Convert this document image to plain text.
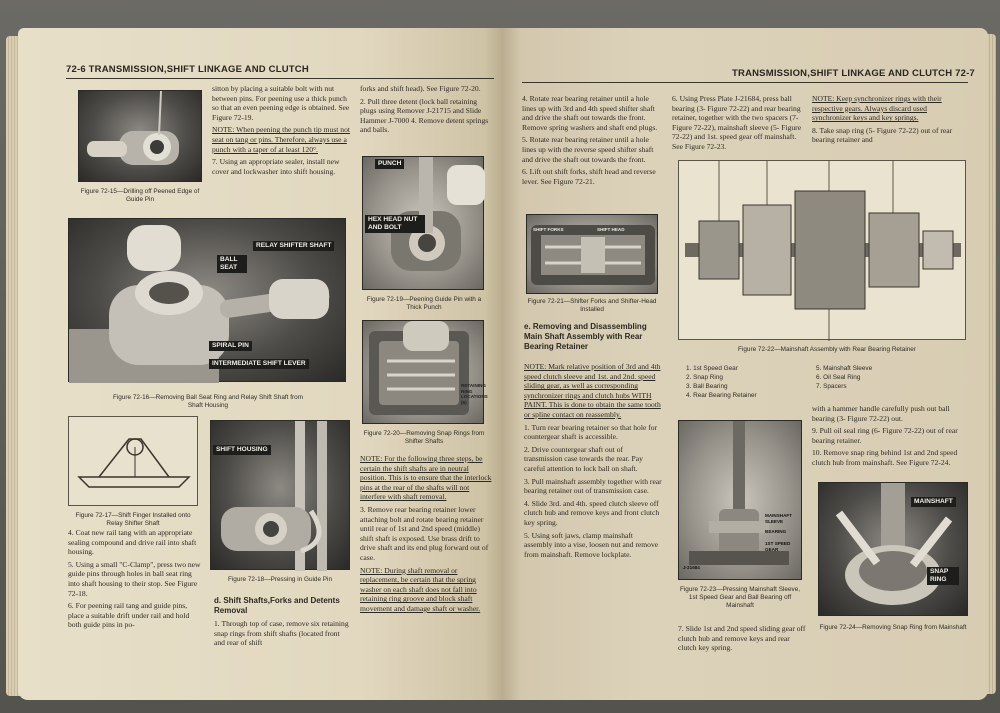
72-6 TRANSMISSION,SHIFT LINKAGE AND CLUTCH
Figure 72-15—Drilling off Peened Edge of Guide Pin

sitton by placing a suitable bolt with nut between pins. For peening use a thick punch so that an even peening edge is obtained. See Figure 72-19.

NOTE: When peening the punch tip must not seat on tang or pins. Therefore, always use a punch with a taper of at least 120°.

7. Using an appropriate sealer, install new cover and lockwasher into shift housing.

forks and shift head). See Figure 72-20.

2. Pull three detent (lock ball retaining plugs using Remover J-21715 and Slide Hammer J-7000 4. Remove detent springs and balls.

PUNCH
HEX HEAD NUT AND BOLT
Figure 72-19—Peening Guide Pin with a Thick Punch
BALL SEAT
RELAY SHIFTER SHAFT
SPIRAL PIN
INTERMEDIATE SHIFT LEVER
Figure 72-16—Removing Ball Seat Ring and Relay Shift Shaft from Shaft Housing
RETAINING RING LOCATIONS (6)
Figure 72-20—Removing Snap Rings from Shifter Shafts
Figure 72-17—Shift Finger Installed onto Relay Shifter Shaft
SHIFT HOUSING
Figure 72-18—Pressing in Guide Pin

NOTE: For the following three steps, be certain the shift shafts are in neutral position. This is to ensure that the interlock pins at the rear of the shafts will not interfere with shaft removal.

3. Remove rear bearing retainer lower attaching bolt and rotate bearing retainer until rear of 1st and 2nd speed (middle) shift shaft is exposed. Use brass drift to drive shaft and its end plug forward out of case.

NOTE: During shaft removal or replacement, be certain that the spring washer on each shaft does not fall into retaining ring groove and block shaft movement and damage shaft or washer.

4. Coat new rail tang with an appropriate sealing compound and drive rail into shaft housing.

5. Using a small "C-Clamp", press two new guide pins through holes in ball seat ring into shaft housing to their stop. See Figure 72-18.

6. For peening rail tang and guide pins, place a suitable drift under rail and hold both guide pins in po-

d. Shift Shafts,Forks and Detents Removal

1. Through top of case, remove six retaining snap rings from shift shafts (located front and rear of shift

TRANSMISSION,SHIFT LINKAGE AND CLUTCH 72-7

4. Rotate rear bearing retainer until a hole lines up with 3rd and 4th speed shifter shaft and drive the shaft out towards the front. Remove spring washers and shaft end plugs.

5. Rotate rear bearing retainer until a hole lines up with the reverse speed shifter shaft and drive the shaft out towards the front.

6. Lift out shift forks, shift head and reverse lever. See Figure 72-21.

SHIFT FORKS	SHIFT HEAD
Figure 72-21—Shifter Forks and Shifter-Head Installed

e. Removing and Disassembling Main Shaft Assembly with Rear Bearing Retainer

NOTE: Mark relative position of 3rd and 4th speed clutch sleeve and 1st. and 2nd. speed sliding gear, as well as corresponding synchronizer rings and clutch hubs WITH PAINT. This is done to obtain the same tooth or spline contact on reassembly.

1. Turn rear bearing retainer so that hole for countergear shaft is accessible.

2. Drive countergear shaft out of transmission case towards the rear. Pay careful attention to lock ball on shaft.

3. Pull mainshaft assembly together with rear bearing retainer out of transmission case.

4. Slide 3rd. and 4th. speed clutch sleeve off clutch hub and remove keys and front clutch key spring.

5. Using soft jaws, clamp mainshaft assembly into a vise, loosen nut and remove from mainshaft. Remove lockplate.

6. Using Press Plate J-21684, press ball bearing (3- Figure 72-22) and rear bearing retainer, together with the two spacers (7- Figure 72-22), mainshaft sleeve (5- Figure 72-22) and 1st. speed gear off mainshaft. See Figure 72-23.

NOTE: Keep synchronizer rings with their respective gears. Always discard used synchronizer keys and key springs.

8. Take snap ring (5- Figure 72-22) out of rear bearing retainer and

Figure 72-22—Mainshaft Assembly with Rear Bearing Retainer
1. 1st Speed Gear
2. Snap Ring
3. Ball Bearing
4. Rear Bearing Retainer
5. Mainshaft Sleeve
6. Oil Seal Ring
7. Spacers

with a hammer handle carefully push out ball bearing (3- Figure 72-22) out.

9. Pull oil seal ring (6- Figure 72-22) out of rear bearing retainer.

10. Remove snap ring behind 1st and 2nd speed clutch hub from mainshaft. See Figure 72-24.

MAINSHAFT SLEEVE
BEARING
1ST SPEED GEAR
J-21684
Figure 72-23—Pressing Mainshaft Sleeve, 1st Speed Gear and Ball Bearing off Mainshaft

7. Slide 1st and 2nd speed sliding gear off clutch hub and remove keys and rear clutch key spring.

MAINSHAFT
SNAP RING
Figure 72-24—Removing Snap Ring from Mainshaft
